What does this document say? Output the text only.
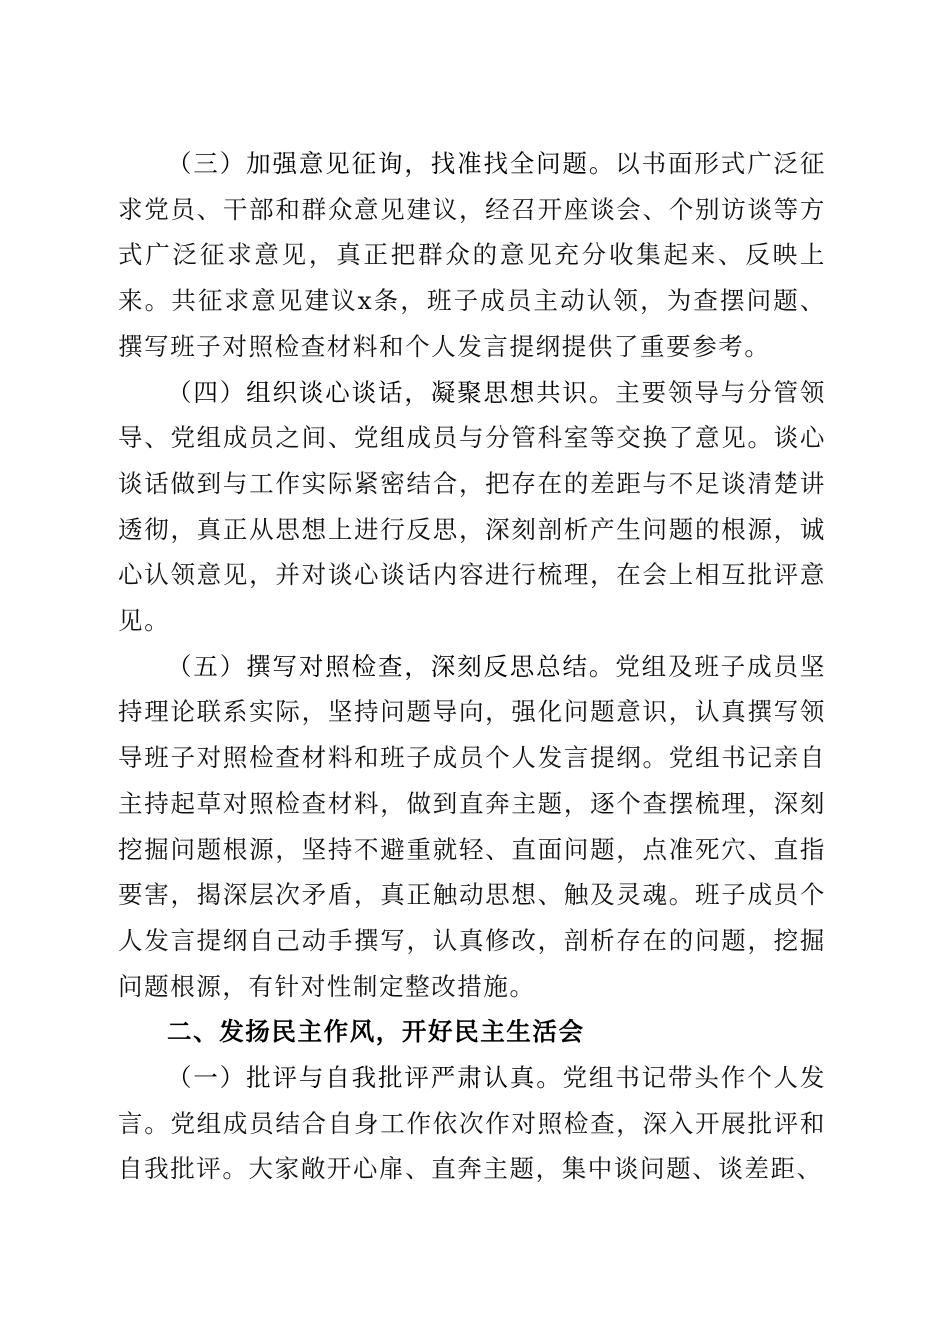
（三）加强意见征询，找准找全问题。以书面形式广泛征求党员、干部和群众意见建议，经召开座谈会、个别访谈等方式广泛征求意见，真正把群众的意见充分收集起来、反映上来。共征求意见建议x条，班子成员主动认领，为查摆问题、撰写班子对照检查材料和个人发言提纲提供了重要参考。

（四）组织谈心谈话，凝聚思想共识。主要领导与分管领导、党组成员之间、党组成员与分管科室等交换了意见。谈心谈话做到与工作实际紧密结合，把存在的差距与不足谈清楚讲透彻，真正从思想上进行反思，深刻剖析产生问题的根源，诚心认领意见，并对谈心谈话内容进行梳理，在会上相互批评意见。

（五）撰写对照检查，深刻反思总结。党组及班子成员坚持理论联系实际，坚持问题导向，强化问题意识，认真撰写领导班子对照检查材料和班子成员个人发言提纲。党组书记亲自主持起草对照检查材料，做到直奔主题，逐个查摆梳理，深刻挖掘问题根源，坚持不避重就轻、直面问题，点准死穴、直指要害，揭深层次矛盾，真正触动思想、触及灵魂。班子成员个人发言提纲自己动手撰写，认真修改，剖析存在的问题，挖掘问题根源，有针对性制定整改措施。

二、发扬民主作风，开好民主生活会

（一）批评与自我批评严肃认真。党组书记带头作个人发言。党组成员结合自身工作依次作对照检查，深入开展批评和自我批评。大家敞开心扉、直奔主题，集中谈问题、谈差距、
